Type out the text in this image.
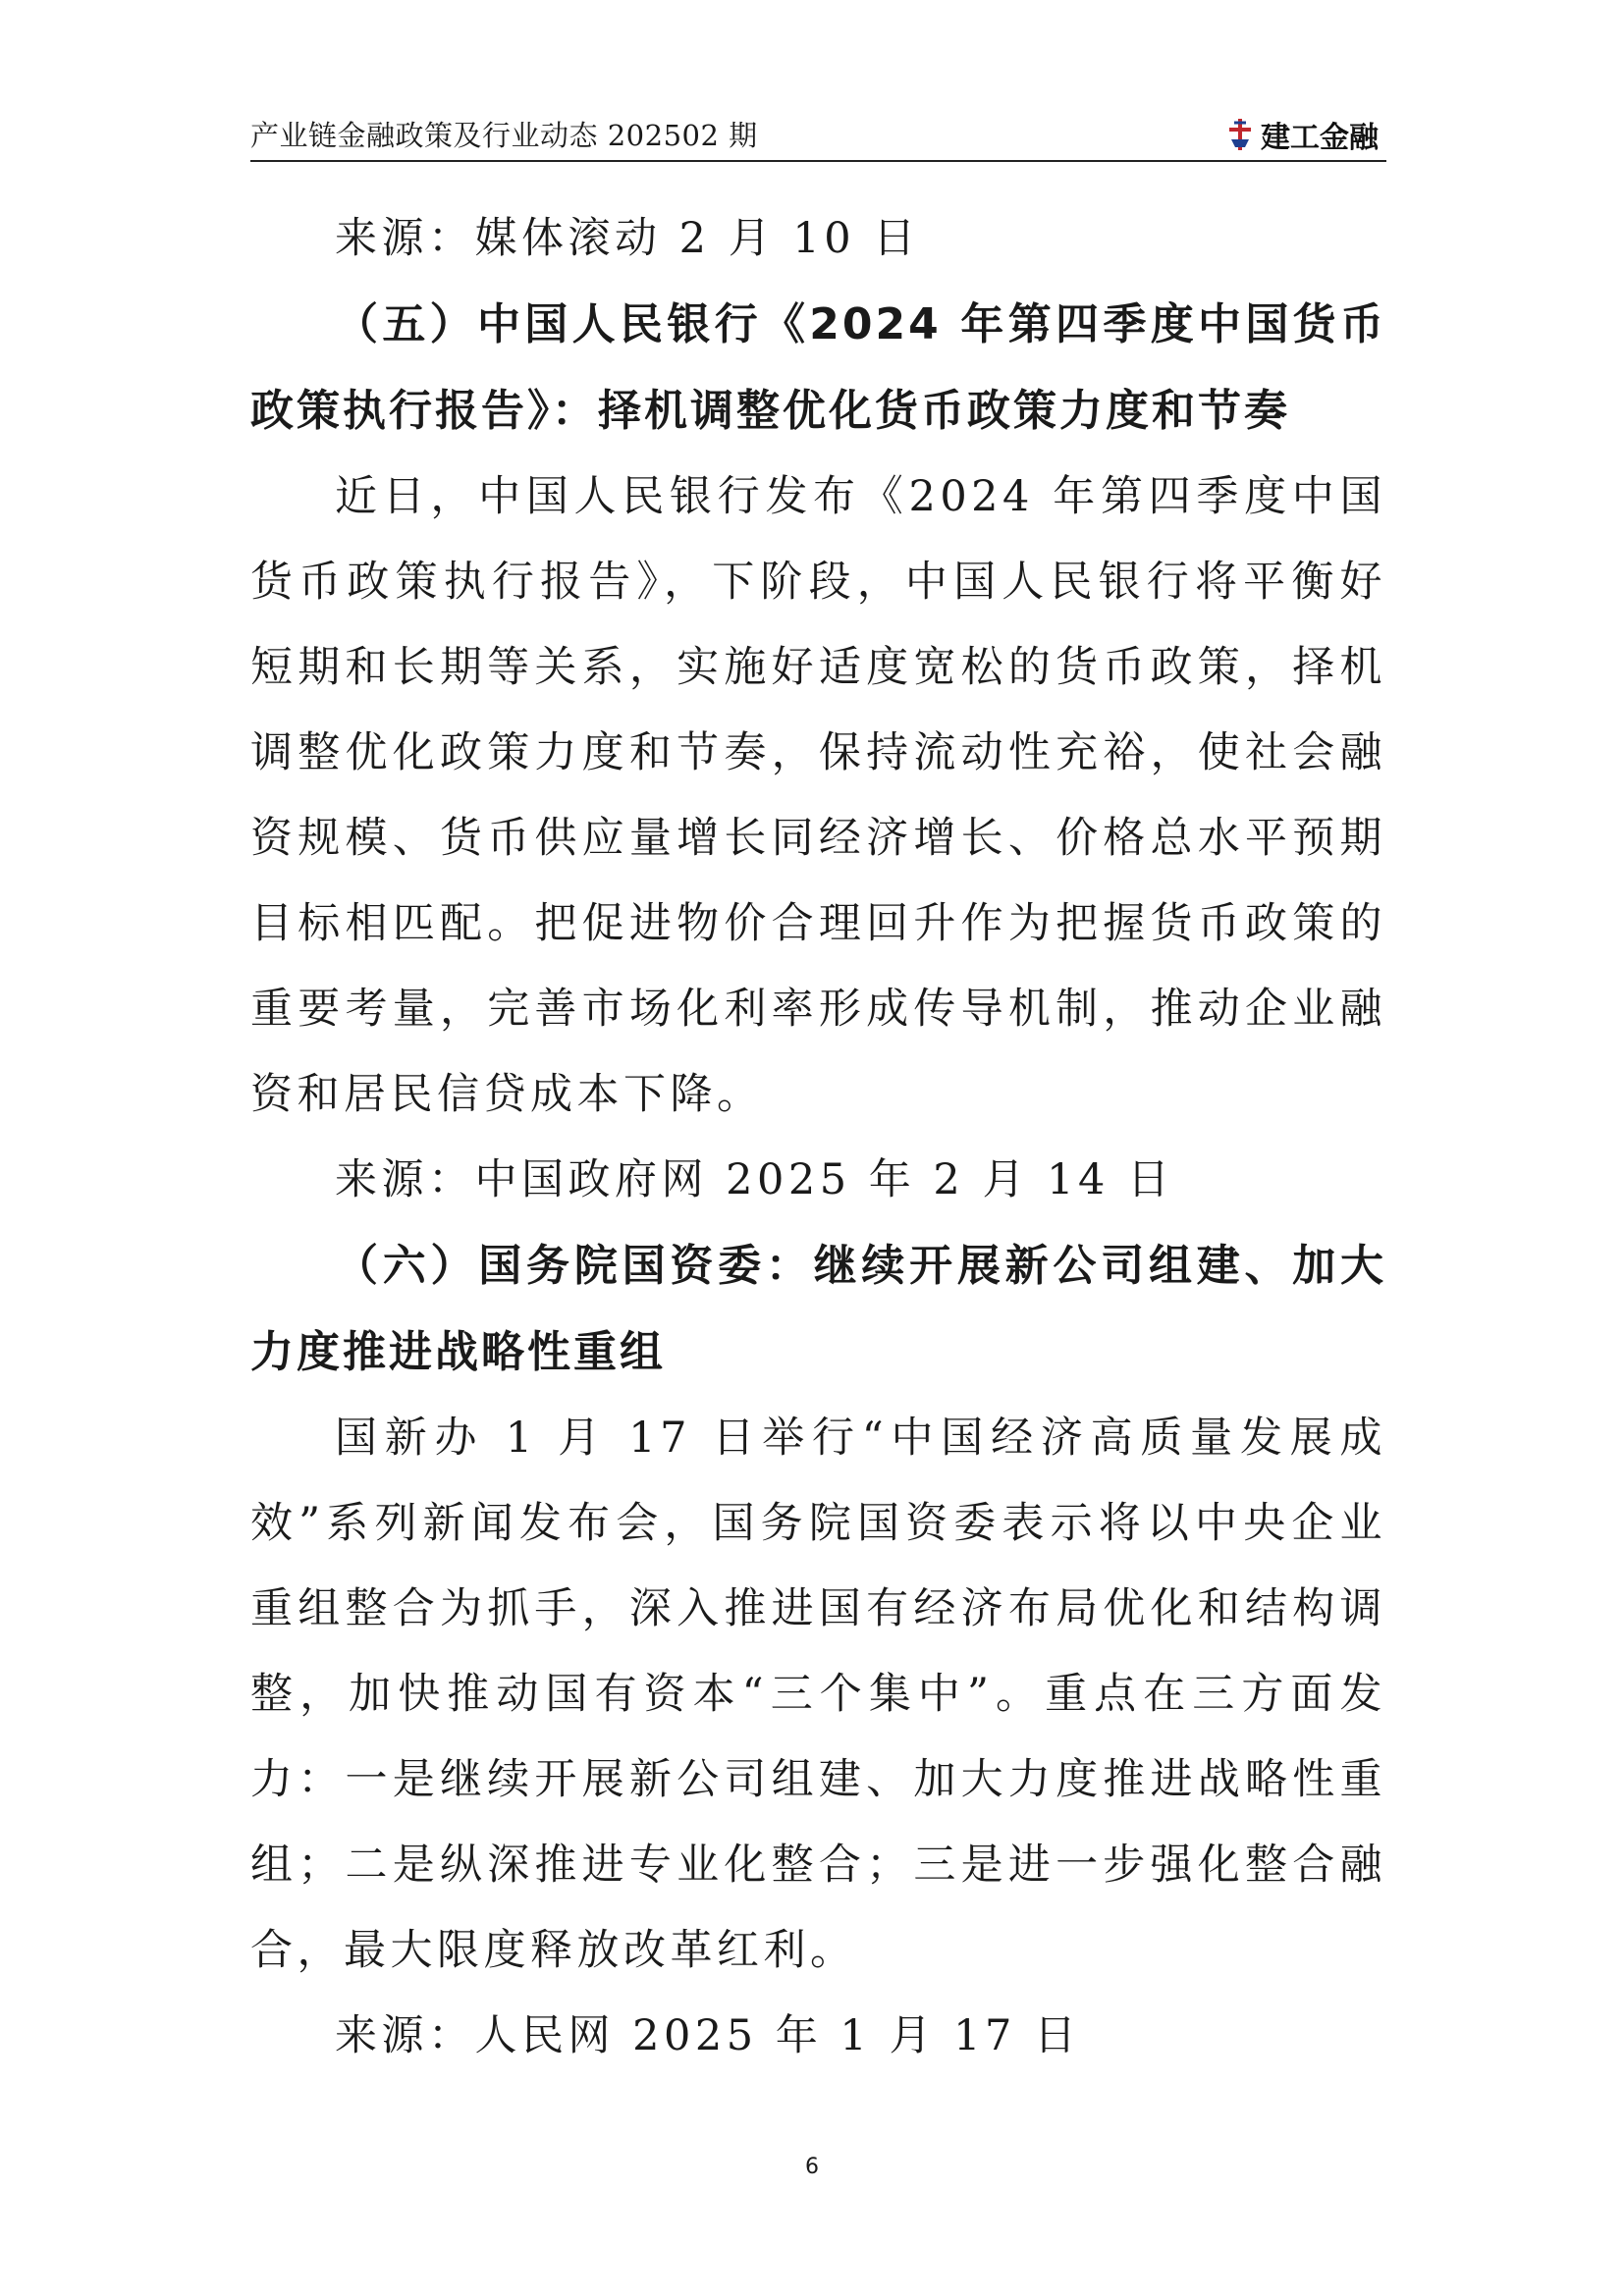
产业链金融政策及行业动态 202502 期	建工金融

来源：媒体滚动 2 月 10 日

（五）中国人民银行《2024 年第四季度中国货币政策执行报告》：择机调整优化货币政策力度和节奏

近日，中国人民银行发布《2024 年第四季度中国货币政策执行报告》，下阶段，中国人民银行将平衡好短期和长期等关系，实施好适度宽松的货币政策，择机调整优化政策力度和节奏，保持流动性充裕，使社会融资规模、货币供应量增长同经济增长、价格总水平预期目标相匹配。把促进物价合理回升作为把握货币政策的重要考量，完善市场化利率形成传导机制，推动企业融资和居民信贷成本下降。

来源：中国政府网 2025 年 2 月 14 日

（六）国务院国资委：继续开展新公司组建、加大力度推进战略性重组

国新办 1 月 17 日举行“中国经济高质量发展成效”系列新闻发布会，国务院国资委表示将以中央企业重组整合为抓手，深入推进国有经济布局优化和结构调整，加快推动国有资本“三个集中”。重点在三方面发力：一是继续开展新公司组建、加大力度推进战略性重组；二是纵深推进专业化整合；三是进一步强化整合融合，最大限度释放改革红利。

来源：人民网 2025 年 1 月 17 日

6
